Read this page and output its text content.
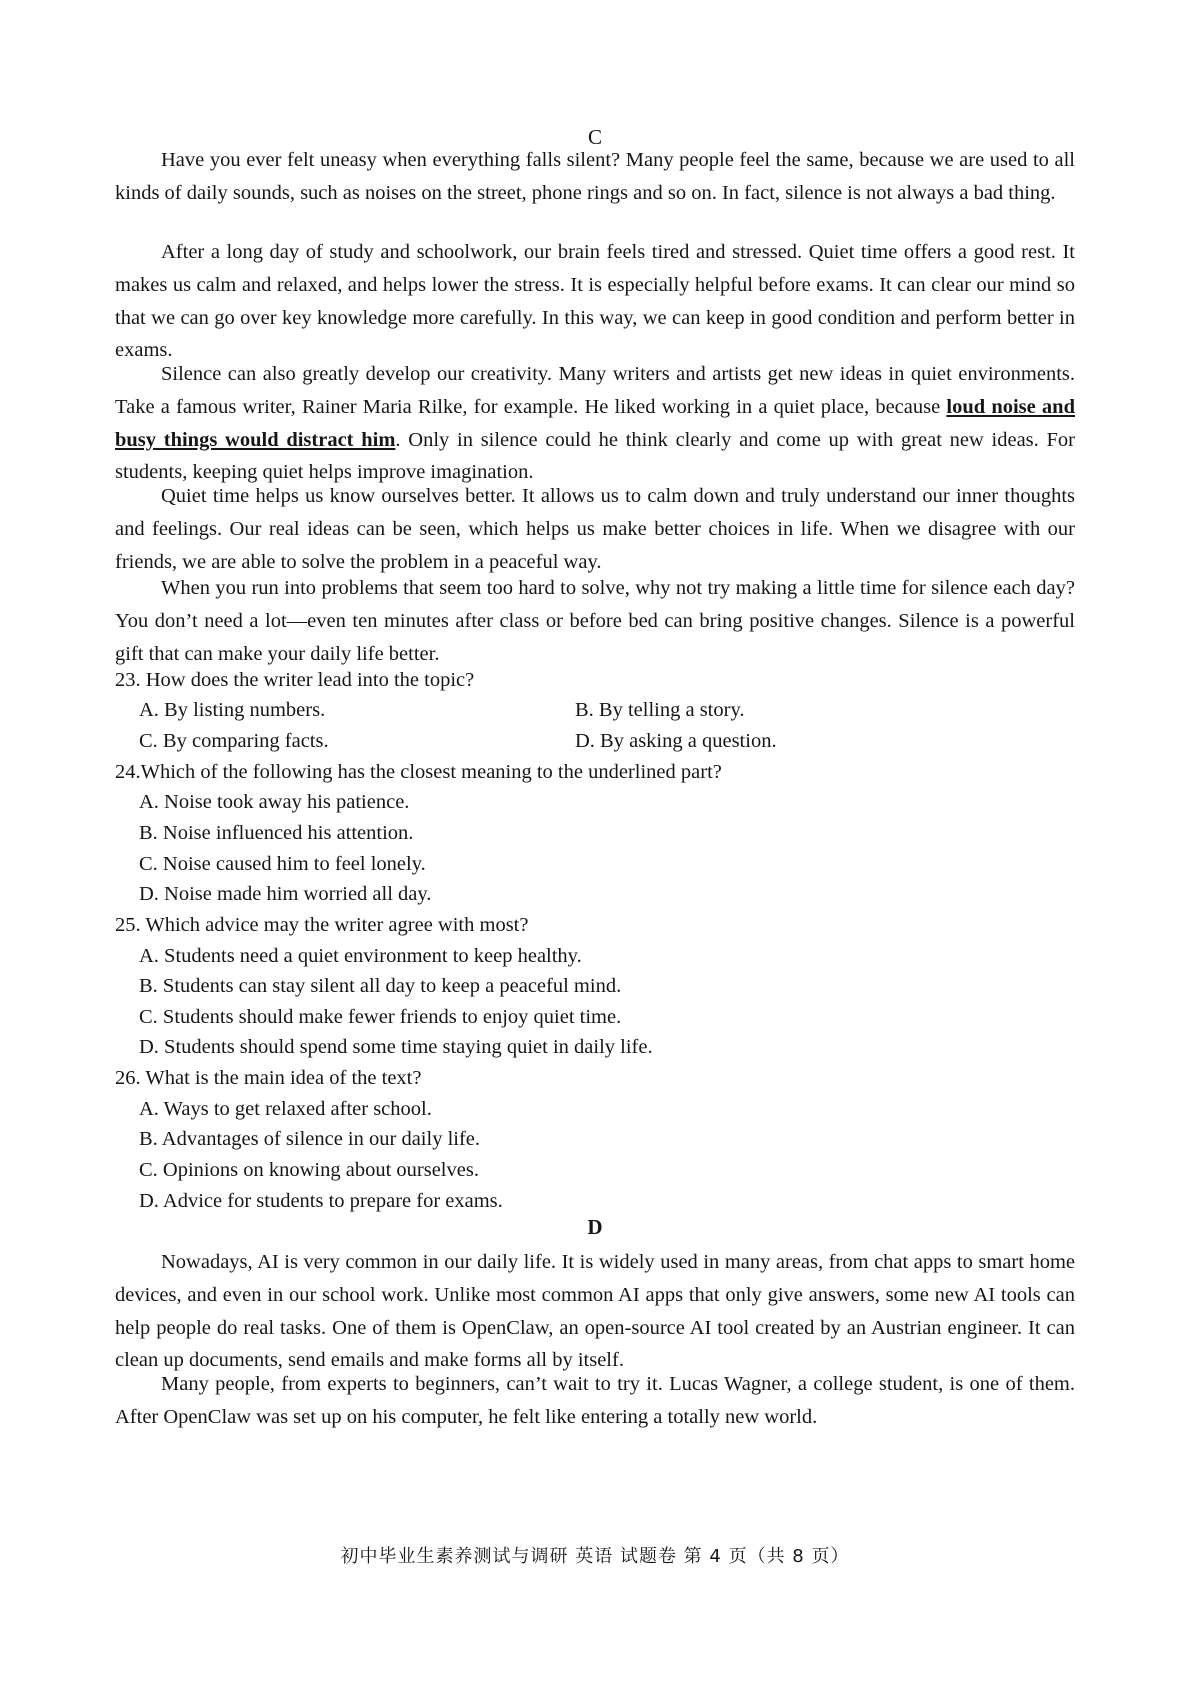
C

Have you ever felt uneasy when everything falls silent? Many people feel the same, because we are used to all kinds of daily sounds, such as noises on the street, phone rings and so on. In fact, silence is not always a bad thing.

After a long day of study and schoolwork, our brain feels tired and stressed. Quiet time offers a good rest. It makes us calm and relaxed, and helps lower the stress. It is especially helpful before exams. It can clear our mind so that we can go over key knowledge more carefully. In this way, we can keep in good condition and perform better in exams.

Silence can also greatly develop our creativity. Many writers and artists get new ideas in quiet environments. Take a famous writer, Rainer Maria Rilke, for example. He liked working in a quiet place, because loud noise and busy things would distract him. Only in silence could he think clearly and come up with great new ideas. For students, keeping quiet helps improve imagination.

Quiet time helps us know ourselves better. It allows us to calm down and truly understand our inner thoughts and feelings. Our real ideas can be seen, which helps us make better choices in life. When we disagree with our friends, we are able to solve the problem in a peaceful way.

When you run into problems that seem too hard to solve, why not try making a little time for silence each day? You don’t need a lot—even ten minutes after class or before bed can bring positive changes. Silence is a powerful gift that can make your daily life better.

23. How does the writer lead into the topic?
A. By listing numbers.	B. By telling a story.
C. By comparing facts.	D. By asking a question.
24.Which of the following has the closest meaning to the underlined part?
A. Noise took away his patience.
B. Noise influenced his attention.
C. Noise caused him to feel lonely.
D. Noise made him worried all day.
25. Which advice may the writer agree with most?
A. Students need a quiet environment to keep healthy.
B. Students can stay silent all day to keep a peaceful mind.
C. Students should make fewer friends to enjoy quiet time.
D. Students should spend some time staying quiet in daily life.
26. What is the main idea of the text?
A. Ways to get relaxed after school.
B. Advantages of silence in our daily life.
C. Opinions on knowing about ourselves.
D. Advice for students to prepare for exams.
D

Nowadays, AI is very common in our daily life. It is widely used in many areas, from chat apps to smart home devices, and even in our school work. Unlike most common AI apps that only give answers, some new AI tools can help people do real tasks. One of them is OpenClaw, an open-source AI tool created by an Austrian engineer. It can clean up documents, send emails and make forms all by itself.

Many people, from experts to beginners, can’t wait to try it. Lucas Wagner, a college student, is one of them. After OpenClaw was set up on his computer, he felt like entering a totally new world.

初中毕业生素养测试与调研 英语 试题卷 第 4 页（共 8 页）
